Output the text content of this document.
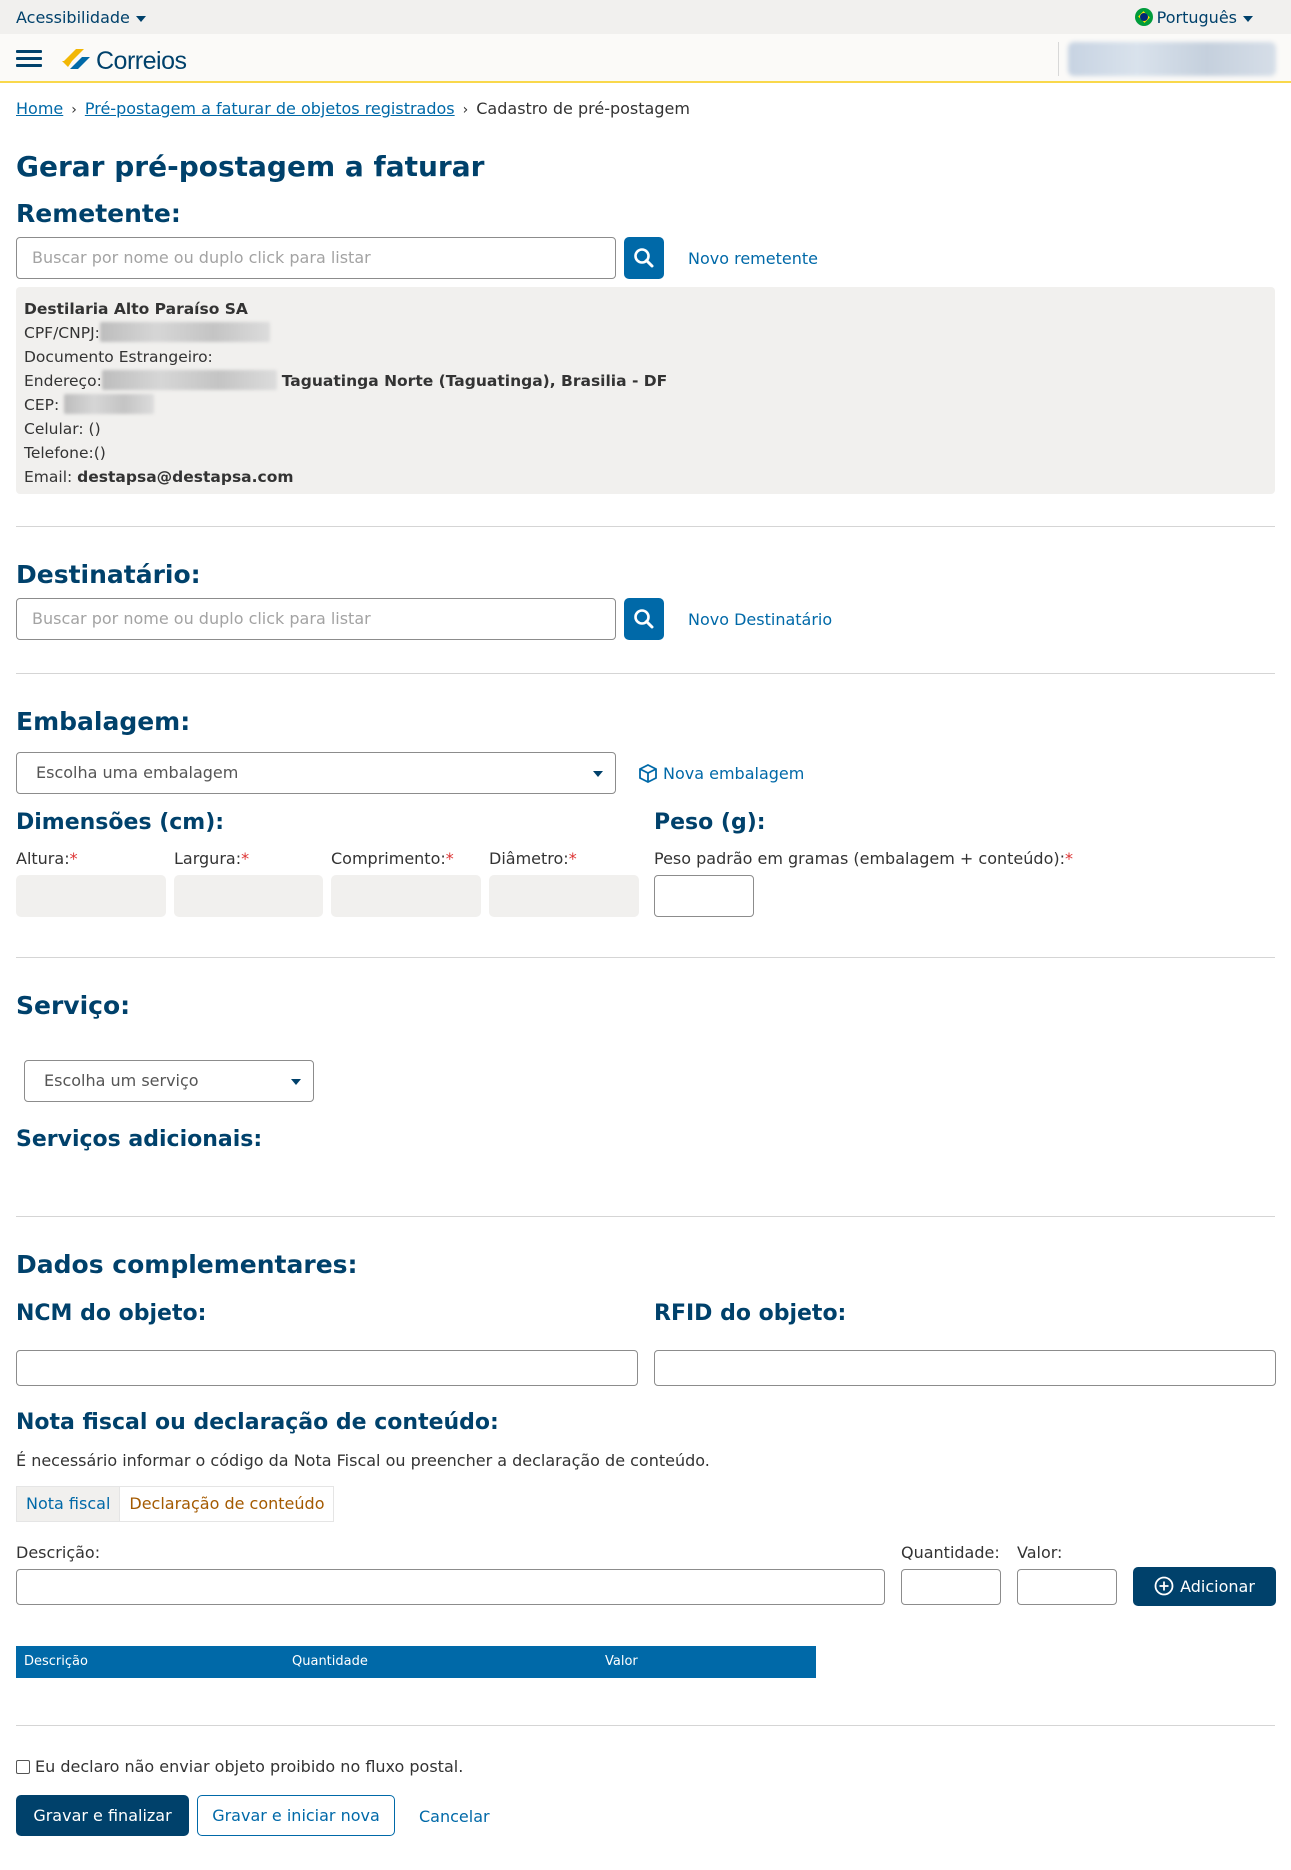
Acessibilidade	Português
Correios
Home › Pré-postagem a faturar de objetos registrados › Cadastro de pré-postagem
Gerar pré-postagem a faturar
Remetente:
Buscar por nome ou duplo click para listar	Novo remetente
Destilaria Alto Paraíso SA
CPF/CNPJ:
Documento Estrangeiro:
Endereço:	Taguatinga Norte (Taguatinga), Brasilia - DF
CEP:
Celular: ()
Telefone:()
Email: destapsa@destapsa.com
Destinatário:
Buscar por nome ou duplo click para listar	Novo Destinatário
Embalagem:
Escolha uma embalagem	Nova embalagem
Dimensões (cm):
Altura:*	Largura:*	Comprimento:* Diâmetro:*
Peso (g):
Peso padrão em gramas (embalagem + conteúdo):*
Serviço:
Escolha um serviço
Serviços adicionais:
Dados complementares:
NCM do objeto:	RFID do objeto:
Nota fiscal ou declaração de conteúdo:
É necessário informar o código da Nota Fiscal ou preencher a declaração de conteúdo.
Nota fiscal	Declaração de conteúdo
Descrição:	Quantidade: Valor:
Adicionar
Descrição	Quantidade	Valor
Eu declaro não enviar objeto proibido no fluxo postal.
Gravar e finalizar	Gravar e iniciar nova	Cancelar
